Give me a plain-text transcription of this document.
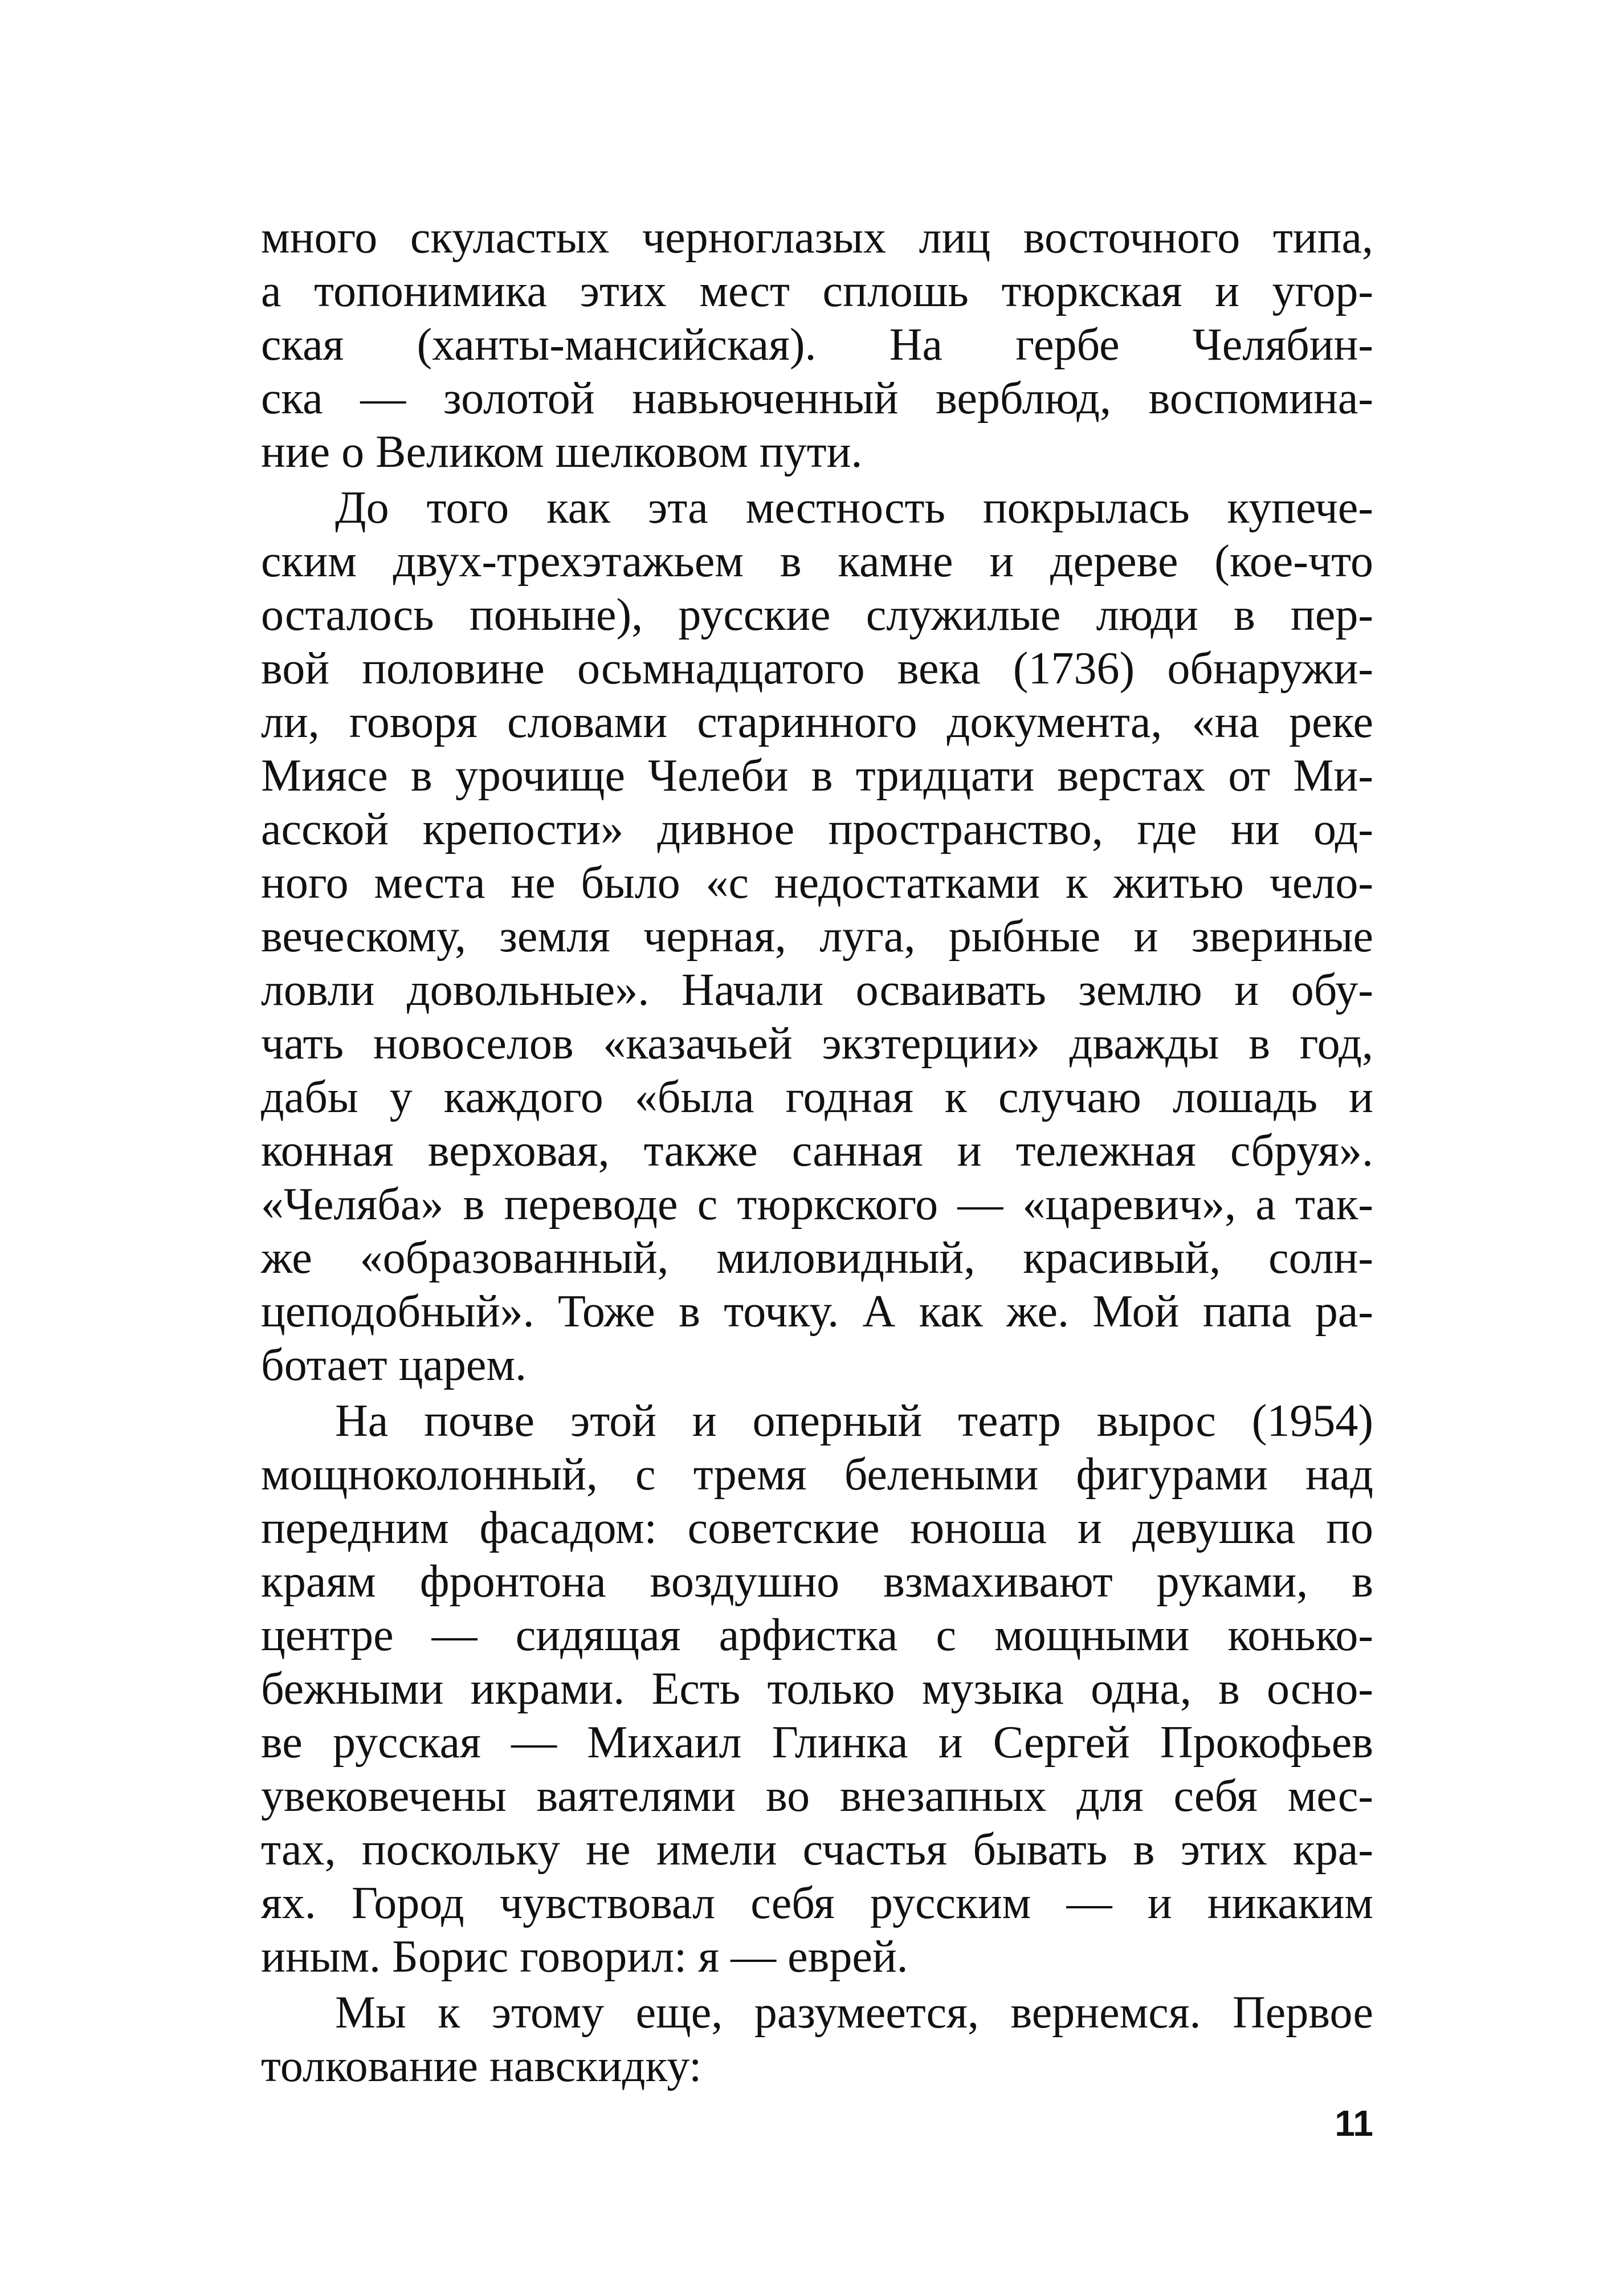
много скуластых черноглазых лиц восточного типа,
а топонимика этих мест сплошь тюркская и угор-
ская (ханты-мансийская). На гербе Челябин-
ска — золотой навьюченный верблюд, воспомина-
ние о Великом шелковом пути.
До того как эта местность покрылась купече-
ским двух-трехэтажьем в камне и дереве (кое-что
осталось поныне), русские служилые люди в пер-
вой половине осьмнадцатого века (1736) обнаружи-
ли, говоря словами старинного документа, «на реке
Миясе в урочище Челеби в тридцати верстах от Ми-
асской крепости» дивное пространство, где ни од-
ного места не было «с недостатками к житью чело-
веческому, земля черная, луга, рыбные и звериные
ловли довольные». Начали осваивать землю и обу-
чать новоселов «казачьей экзтерции» дважды в год,
дабы у каждого «была годная к случаю лошадь и
конная верховая, также санная и тележная сбруя».
«Челяба» в переводе с тюркского — «царевич», а так-
же «образованный, миловидный, красивый, солн-
цеподобный». Тоже в точку. А как же. Мой папа ра-
ботает царем.
На почве этой и оперный театр вырос (1954)
мощноколонный, с тремя белеными фигурами над
передним фасадом: советские юноша и девушка по
краям фронтона воздушно взмахивают руками, в
центре — сидящая арфистка с мощными конько-
бежными икрами. Есть только музыка одна, в осно-
ве русская — Михаил Глинка и Сергей Прокофьев
увековечены ваятелями во внезапных для себя мес-
тах, поскольку не имели счастья бывать в этих кра-
ях. Город чувствовал себя русским — и никаким
иным. Борис говорил: я — еврей.
Мы к этому еще, разумеется, вернемся. Первое
толкование навскидку:
11
